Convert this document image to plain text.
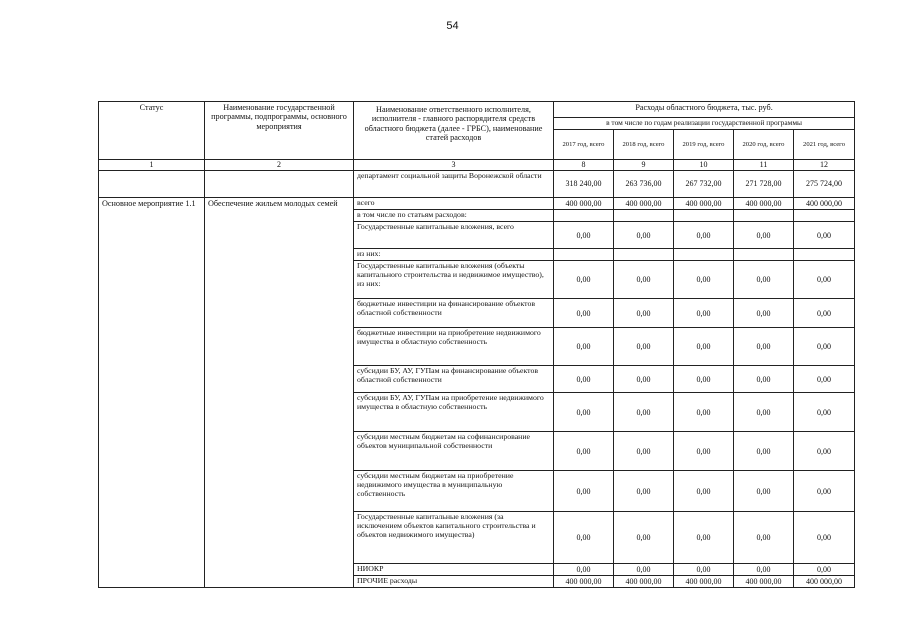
54
Статус	Наименование государственной программы, подпрограммы, основного мероприятия	Наименование ответственного исполнителя, исполнителя - главного распорядителя средств областного бюджета (далее - ГРБС), наименование статей расходов	Расходы областного бюджета, тыс. руб.				
			в том числе по годам реализации государственной программы				
			2017 год, всего	2018 год, всего	2019 год, всего	2020 год, всего	2021 год, всего
1	2	3	8	9	10	11	12
		департамент социальной защиты Воронежской области	318 240,00	263 736,00	267 732,00	271 728,00	275 724,00
Основное мероприятие 1.1	Обеспечение жильем молодых семей	всего	400 000,00	400 000,00	400 000,00	400 000,00	400 000,00
		в том числе по статьям расходов:					
		Государственные капитальные вложения, всего	0,00	0,00	0,00	0,00	0,00
		из них:					
		Государственные капитальные вложения (объекты капитального строительства и недвижимое имущество), из них:	0,00	0,00	0,00	0,00	0,00
		бюджетные инвестиции на финансирование объектов областной собственности	0,00	0,00	0,00	0,00	0,00
		бюджетные инвестиции на приобретение недвижимого имущества в областную собственность	0,00	0,00	0,00	0,00	0,00
		субсидии БУ, АУ, ГУПам на финансирование объектов областной собственности	0,00	0,00	0,00	0,00	0,00
		субсидии БУ, АУ, ГУПам на приобретение недвижимого имущества в областную собственность	0,00	0,00	0,00	0,00	0,00
		субсидии местным бюджетам на софинансирование объектов муниципальной собственности	0,00	0,00	0,00	0,00	0,00
		субсидии местным бюджетам на приобретение недвижимого имущества в муниципальную собственность	0,00	0,00	0,00	0,00	0,00
		Государственные капитальные вложения (за исключением объектов капитального строительства и объектов недвижимого имущества)	0,00	0,00	0,00	0,00	0,00
		НИОКР	0,00	0,00	0,00	0,00	0,00
		ПРОЧИЕ расходы	400 000,00	400 000,00	400 000,00	400 000,00	400 000,00
